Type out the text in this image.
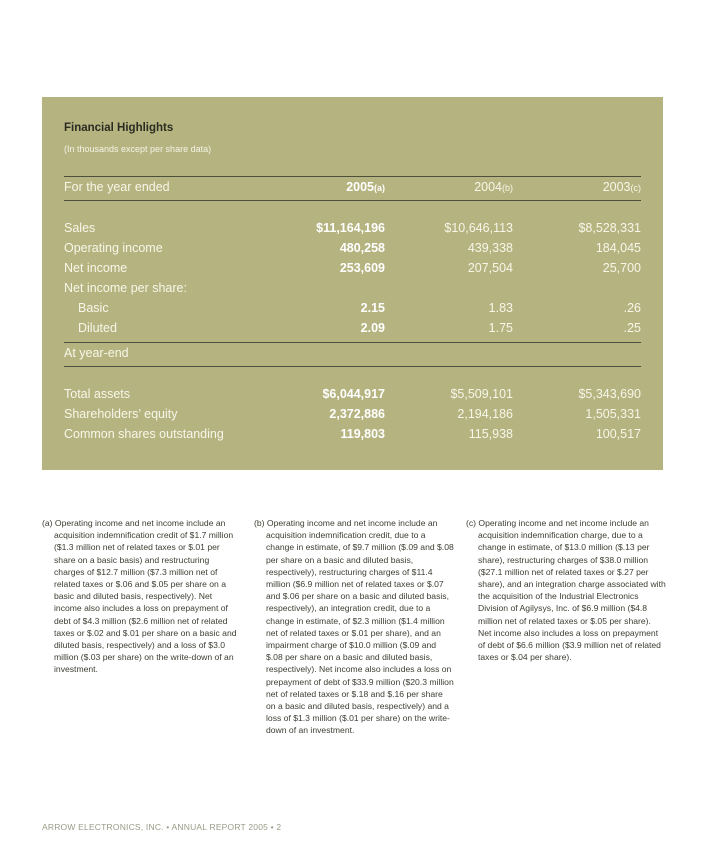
Financial Highlights
(In thousands except per share data)
For the year ended	2005(a)	2004(b)	2003(c)
Sales	$11,164,196	$10,646,113	$8,528,331
Operating income	480,258	439,338	184,045
Net income	253,609	207,504	25,700
Net income per share:
Basic	2.15	1.83	.26
Diluted	2.09	1.75	.25
At year-end
Total assets	$6,044,917	$5,509,101	$5,343,690
Shareholders’ equity	2,372,886	2,194,186	1,505,331
Common shares outstanding	119,803	115,938	100,517

(a) Operating income and net income include an acquisition indemnification credit of $1.7 million ($1.3 million net of related taxes or $.01 per share on a basic basis) and restructuring charges of $12.7 million ($7.3 million net of related taxes or $.06 and $.05 per share on a basic and diluted basis, respectively). Net income also includes a loss on prepayment of debt of $4.3 million ($2.6 million net of related taxes or $.02 and $.01 per share on a basic and diluted basis, respectively) and a loss of $3.0 million ($.03 per share) on the write-down of an investment.

(b) Operating income and net income include an acquisition indemnification credit, due to a change in estimate, of $9.7 million ($.09 and $.08 per share on a basic and diluted basis, respectively), restructuring charges of $11.4 million ($6.9 million net of related taxes or $.07 and $.06 per share on a basic and diluted basis, respectively), an integration credit, due to a change in estimate, of $2.3 million ($1.4 million net of related taxes or $.01 per share), and an impairment charge of $10.0 million ($.09 and $.08 per share on a basic and diluted basis, respectively). Net income also includes a loss on prepayment of debt of $33.9 million ($20.3 million net of related taxes or $.18 and $.16 per share on a basic and diluted basis, respectively) and a loss of $1.3 million ($.01 per share) on the write-down of an investment.

(c) Operating income and net income include an acquisition indemnification charge, due to a change in estimate, of $13.0 million ($.13 per share), restructuring charges of $38.0 million ($27.1 million net of related taxes or $.27 per share), and an integration charge associated with the acquisition of the Industrial Electronics Division of Agilysys, Inc. of $6.9 million ($4.8 million net of related taxes or $.05 per share). Net income also includes a loss on prepayment of debt of $6.6 million ($3.9 million net of related taxes or $.04 per share).

ARROW ELECTRONICS, INC. • ANNUAL REPORT 2005 • 2
